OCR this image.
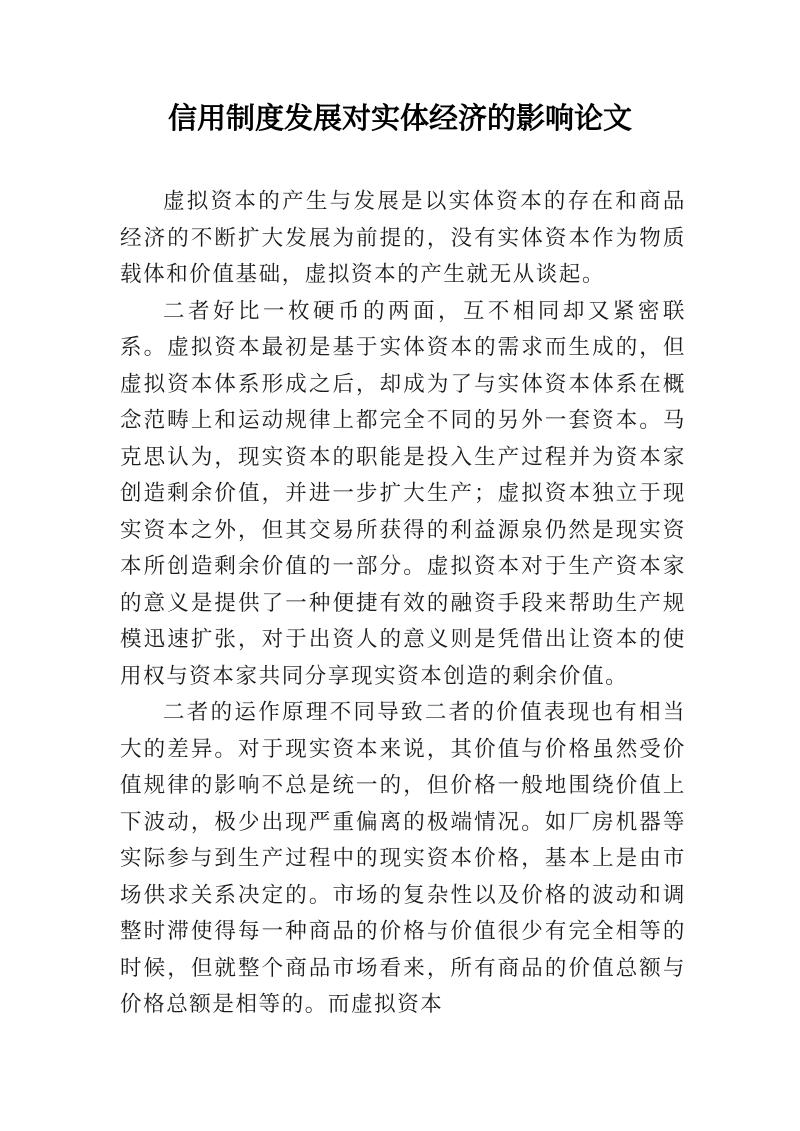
信用制度发展对实体经济的影响论文

虚拟资本的产生与发展是以实体资本的存在和商品经济的不断扩大发展为前提的，没有实体资本作为物质载体和价值基础，虚拟资本的产生就无从谈起。

二者好比一枚硬币的两面，互不相同却又紧密联系。虚拟资本最初是基于实体资本的需求而生成的，但虚拟资本体系形成之后，却成为了与实体资本体系在概念范畴上和运动规律上都完全不同的另外一套资本。马克思认为，现实资本的职能是投入生产过程并为资本家创造剩余价值，并进一步扩大生产；虚拟资本独立于现实资本之外，但其交易所获得的利益源泉仍然是现实资本所创造剩余价值的一部分。虚拟资本对于生产资本家的意义是提供了一种便捷有效的融资手段来帮助生产规模迅速扩张，对于出资人的意义则是凭借出让资本的使用权与资本家共同分享现实资本创造的剩余价值。

二者的运作原理不同导致二者的价值表现也有相当大的差异。对于现实资本来说，其价值与价格虽然受价值规律的影响不总是统一的，但价格一般地围绕价值上下波动，极少出现严重偏离的极端情况。如厂房机器等实际参与到生产过程中的现实资本价格，基本上是由市场供求关系决定的。市场的复杂性以及价格的波动和调整时滞使得每一种商品的价格与价值很少有完全相等的时候，但就整个商品市场看来，所有商品的价值总额与价格总额是相等的。而虚拟资本
